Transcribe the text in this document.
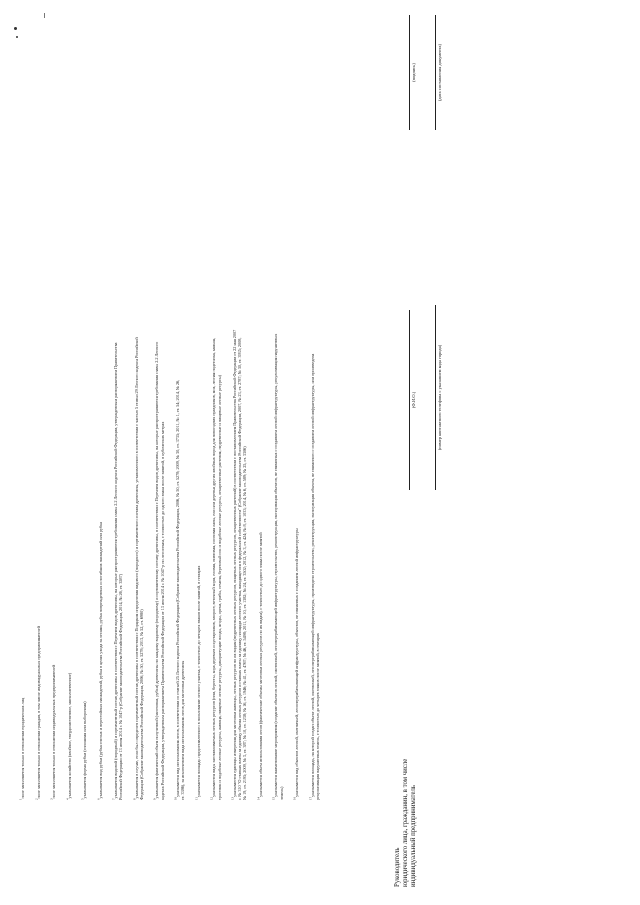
$^1$поле заполняется только в отношении юридических лиц
$^2$поле заполняется только в отношении граждан, в том числе индивидуальных предпринимателей
$^3$поле заполняется только в отношении индивидуальных предпринимателей
$^4$указывается хозяйство (хвойное, твердолиственное, мягколиственное)
$^5$указывается форма рубки (сплошная или выборочная)
$^6$указывается вид рубки (рубка спелых и перестойных насаждений, рубка в целях ухода за лесами, рубка поврежденных и погибших насаждений или рубка
$^7$указывается видовой (породный) и сортиментный состав древесины в соответствии с Перечнем видов древесины, на которые распространяются требования главы 2.2 Лесного кодекса Российской Федерации, утвержденным распоряжением Правительства
Российской Федерации от 13 июня 2014 г. № 1047-р (Собрание законодательства Российской Федерации, 2014, № 26, ст. 3587)	$^8$указывается в случае, если был определен сортиментный состав древесины в соответствии с Порядком определения видового (породного) и сортиментного состава древесины, установленного в соответствии с частью 5 статьи 29 Лесного кодекса Российской
Федерации (Собрание законодательства Российской Федерации, 2006, № 50, ст. 5278; 2013, № 52, ст. 6980)	$^9$указывается фактический объем полученной (заготовки, рубки) древесины по каждому видовому (породному) и сортиментному составу древесины, в соответствии с Перечнем видов древесины, на которые распространяются требования главы 2.2 Лесного
кодекса Российской Федерации, утвержденным распоряжением Правительства Российской Федерации от 13 июня 2014 г. № 1047-р по лесосекам, с точностью до одного знака после запятой, в кубических метрах	$^{10}$указывается вид использования лесов, в соответствии со статьей 25 Лесного кодекса Российской Федерации (Собрание законодательства Российской Федерации, 2006, № 50, ст. 5278; 2009, № 30, ст. 3735; 2011, № 1, ст. 54; 2014, № 26,
ст. 3386), за исключением вида использования лесов для заготовки древесины	$^{11}$указывается площадь предоставленного в пользование лесного участка, с точностью до четырех знаков после запятой, в гектарах
$^{12}$указываются виды заготавливаемых лесных ресурсов (пни, бересты, кора деревьев и кустарников, хворост, веточный корм, еловая, пихтовая, сосновая лапы, ели или деревья других хвойных пород для новогодних праздников, мох, лесная подстилка, камыш,
тростник и подобные лесные ресурсы, живица, пищевые лесные ресурсы, дикорастущие плоды, ягоды, орехи, грибы, семена, березовый сок и подобные лесные ресурсы, лекарственные растения, недревесные и пищевые лесные ресурсы)	$^{13}$указываются единицы измерения для заготовки живицы, лесных ресурсов по их видам (недревесных лесных ресурсов, пищевых лесных ресурсов, лекарственных растений) в соответствии с постановлением Правительства Российской Федерации от 22 мая 2007
г. № 310 "О ставках платы за единицу объема лесных ресурсов и ставках платы за единицу площади лесного участка, находящегося в федеральной собственности" (Собрание законодательства Российской Федерации, 2007, № 23, ст. 2787; № 30, ст. 3935; 2008,
№ 19, ст. 2195; 2009, № 3, ст. 387; № 10, ст. 1238; № 16, ст. 1946; № 41, ст. 4767; № 46, ст. 5498; 2011, № 10, ст. 1382; № 24, ст. 3502; 2012, № 3, ст. 424; № 8, ст. 1033; 2014, № 6, ст. 589; № 25, ст. 3306)	$^{14}$указывается объем использования лесов (фактические объемы заготовки лесных ресурсов по их видам), с точностью до одного знака после запятой
$^{15}$указывается наименование мероприятия (создание объектов лесной, охотничьей, лесоперерабатывающей инфраструктуры, строительство, реконструкция, эксплуатация объектов, не связанных с созданием лесной инфраструктуры, рекультивация нарушенных
земель)	$^{16}$указывается вид объектов лесной, охотничьей, лесоперерабатывающей инфраструктуры, объектов, не связанных с созданием лесной инфраструктуры
$^{17}$указывается площадь, на которой создан объект лесной, охотничьей, лесоперерабатывающей инфраструктуры, произведено строительство, реконструкция, эксплуатация объекта, не связанного с созданием лесной инфраструктуры, или произведена
рекультивация нарушенных земель, с точностью до четырех знаков после запятой, в гектарах
Руководитель юридического лица, гражданин, в том числе индивидуальный предприниматель
(Ф.И.О.)
(подпись)
(номер контактного телефона с указанием кода города)
(дата составления документа)
